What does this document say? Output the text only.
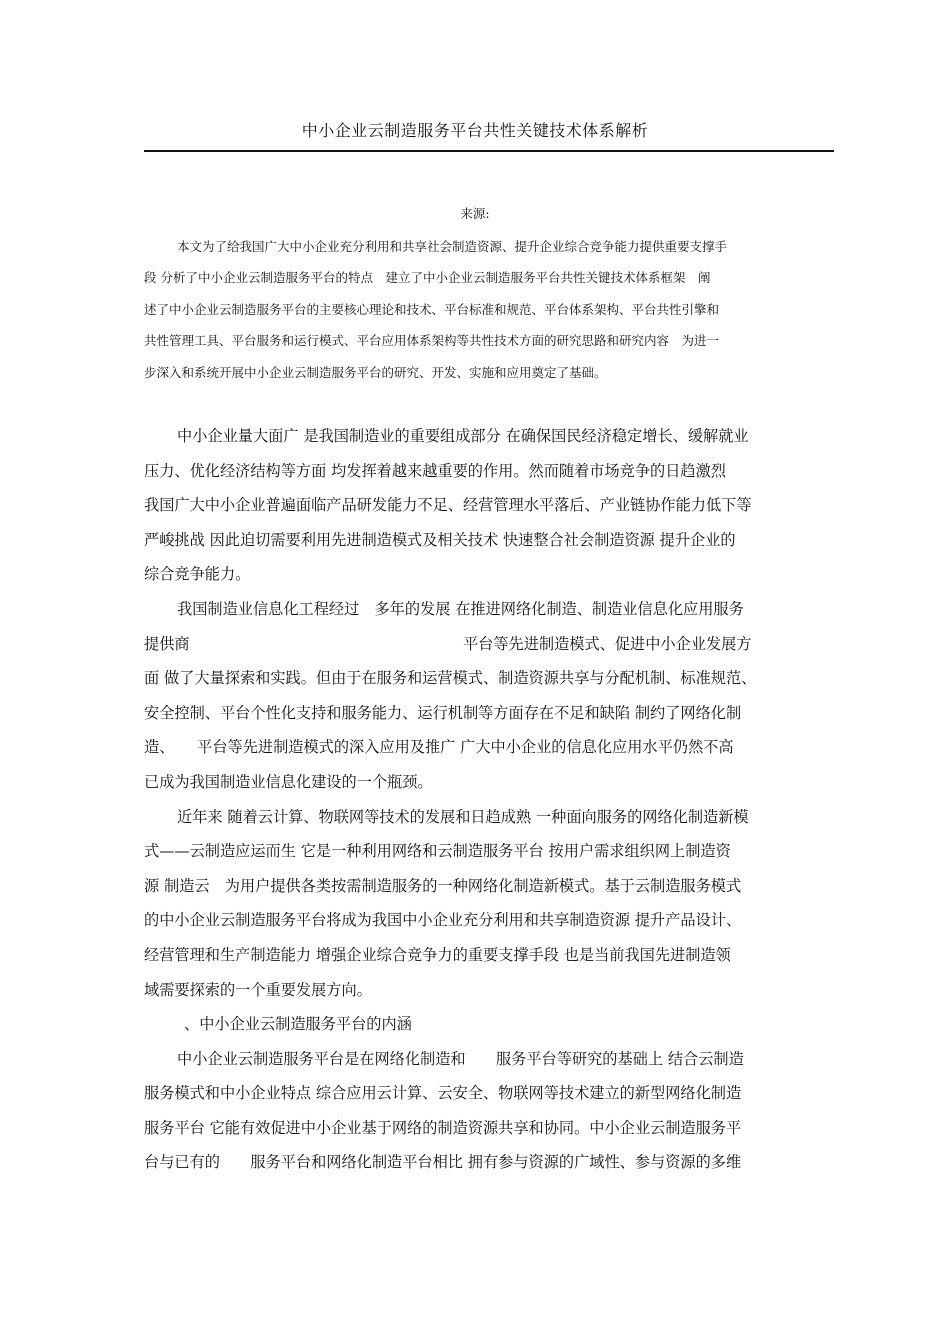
中小企业云制造服务平台共性关键技术体系解析
来源:
本文为了给我国广大中小企业充分利用和共享社会制造资源、提升企业综合竞争能力提供重要支撑手
段 分析了中小企业云制造服务平台的特点　建立了中小企业云制造服务平台共性关键技术体系框架　阐
述了中小企业云制造服务平台的主要核心理论和技术、平台标准和规范、平台体系架构、平台共性引擎和
共性管理工具、平台服务和运行模式、平台应用体系架构等共性技术方面的研究思路和研究内容　为进一
步深入和系统开展中小企业云制造服务平台的研究、开发、实施和应用奠定了基础。
中小企业量大面广 是我国制造业的重要组成部分 在确保国民经济稳定增长、缓解就业
压力、优化经济结构等方面 均发挥着越来越重要的作用。然而随着市场竞争的日趋激烈
我国广大中小企业普遍面临产品研发能力不足、经营管理水平落后、产业链协作能力低下等
严峻挑战 因此迫切需要利用先进制造模式及相关技术 快速整合社会制造资源 提升企业的
综合竞争能力。
我国制造业信息化工程经过　多年的发展 在推进网络化制造、制造业信息化应用服务
提供商　　　　　　　　　　　　　　　　　　平台等先进制造模式、促进中小企业发展方
面 做了大量探索和实践。但由于在服务和运营模式、制造资源共享与分配机制、标准规范、
安全控制、平台个性化支持和服务能力、运行机制等方面存在不足和缺陷 制约了网络化制
造、　　平台等先进制造模式的深入应用及推广 广大中小企业的信息化应用水平仍然不高
已成为我国制造业信息化建设的一个瓶颈。
近年来 随着云计算、物联网等技术的发展和日趋成熟 一种面向服务的网络化制造新模
式——云制造应运而生 它是一种利用网络和云制造服务平台 按用户需求组织网上制造资
源 制造云　为用户提供各类按需制造服务的一种网络化制造新模式。基于云制造服务模式
的中小企业云制造服务平台将成为我国中小企业充分利用和共享制造资源 提升产品设计、
经营管理和生产制造能力 增强企业综合竞争力的重要支撑手段 也是当前我国先进制造领
域需要探索的一个重要发展方向。
、中小企业云制造服务平台的内涵
中小企业云制造服务平台是在网络化制造和　　服务平台等研究的基础上 结合云制造
服务模式和中小企业特点 综合应用云计算、云安全、物联网等技术建立的新型网络化制造
服务平台 它能有效促进中小企业基于网络的制造资源共享和协同。中小企业云制造服务平
台与已有的　　服务平台和网络化制造平台相比 拥有参与资源的广域性、参与资源的多维
